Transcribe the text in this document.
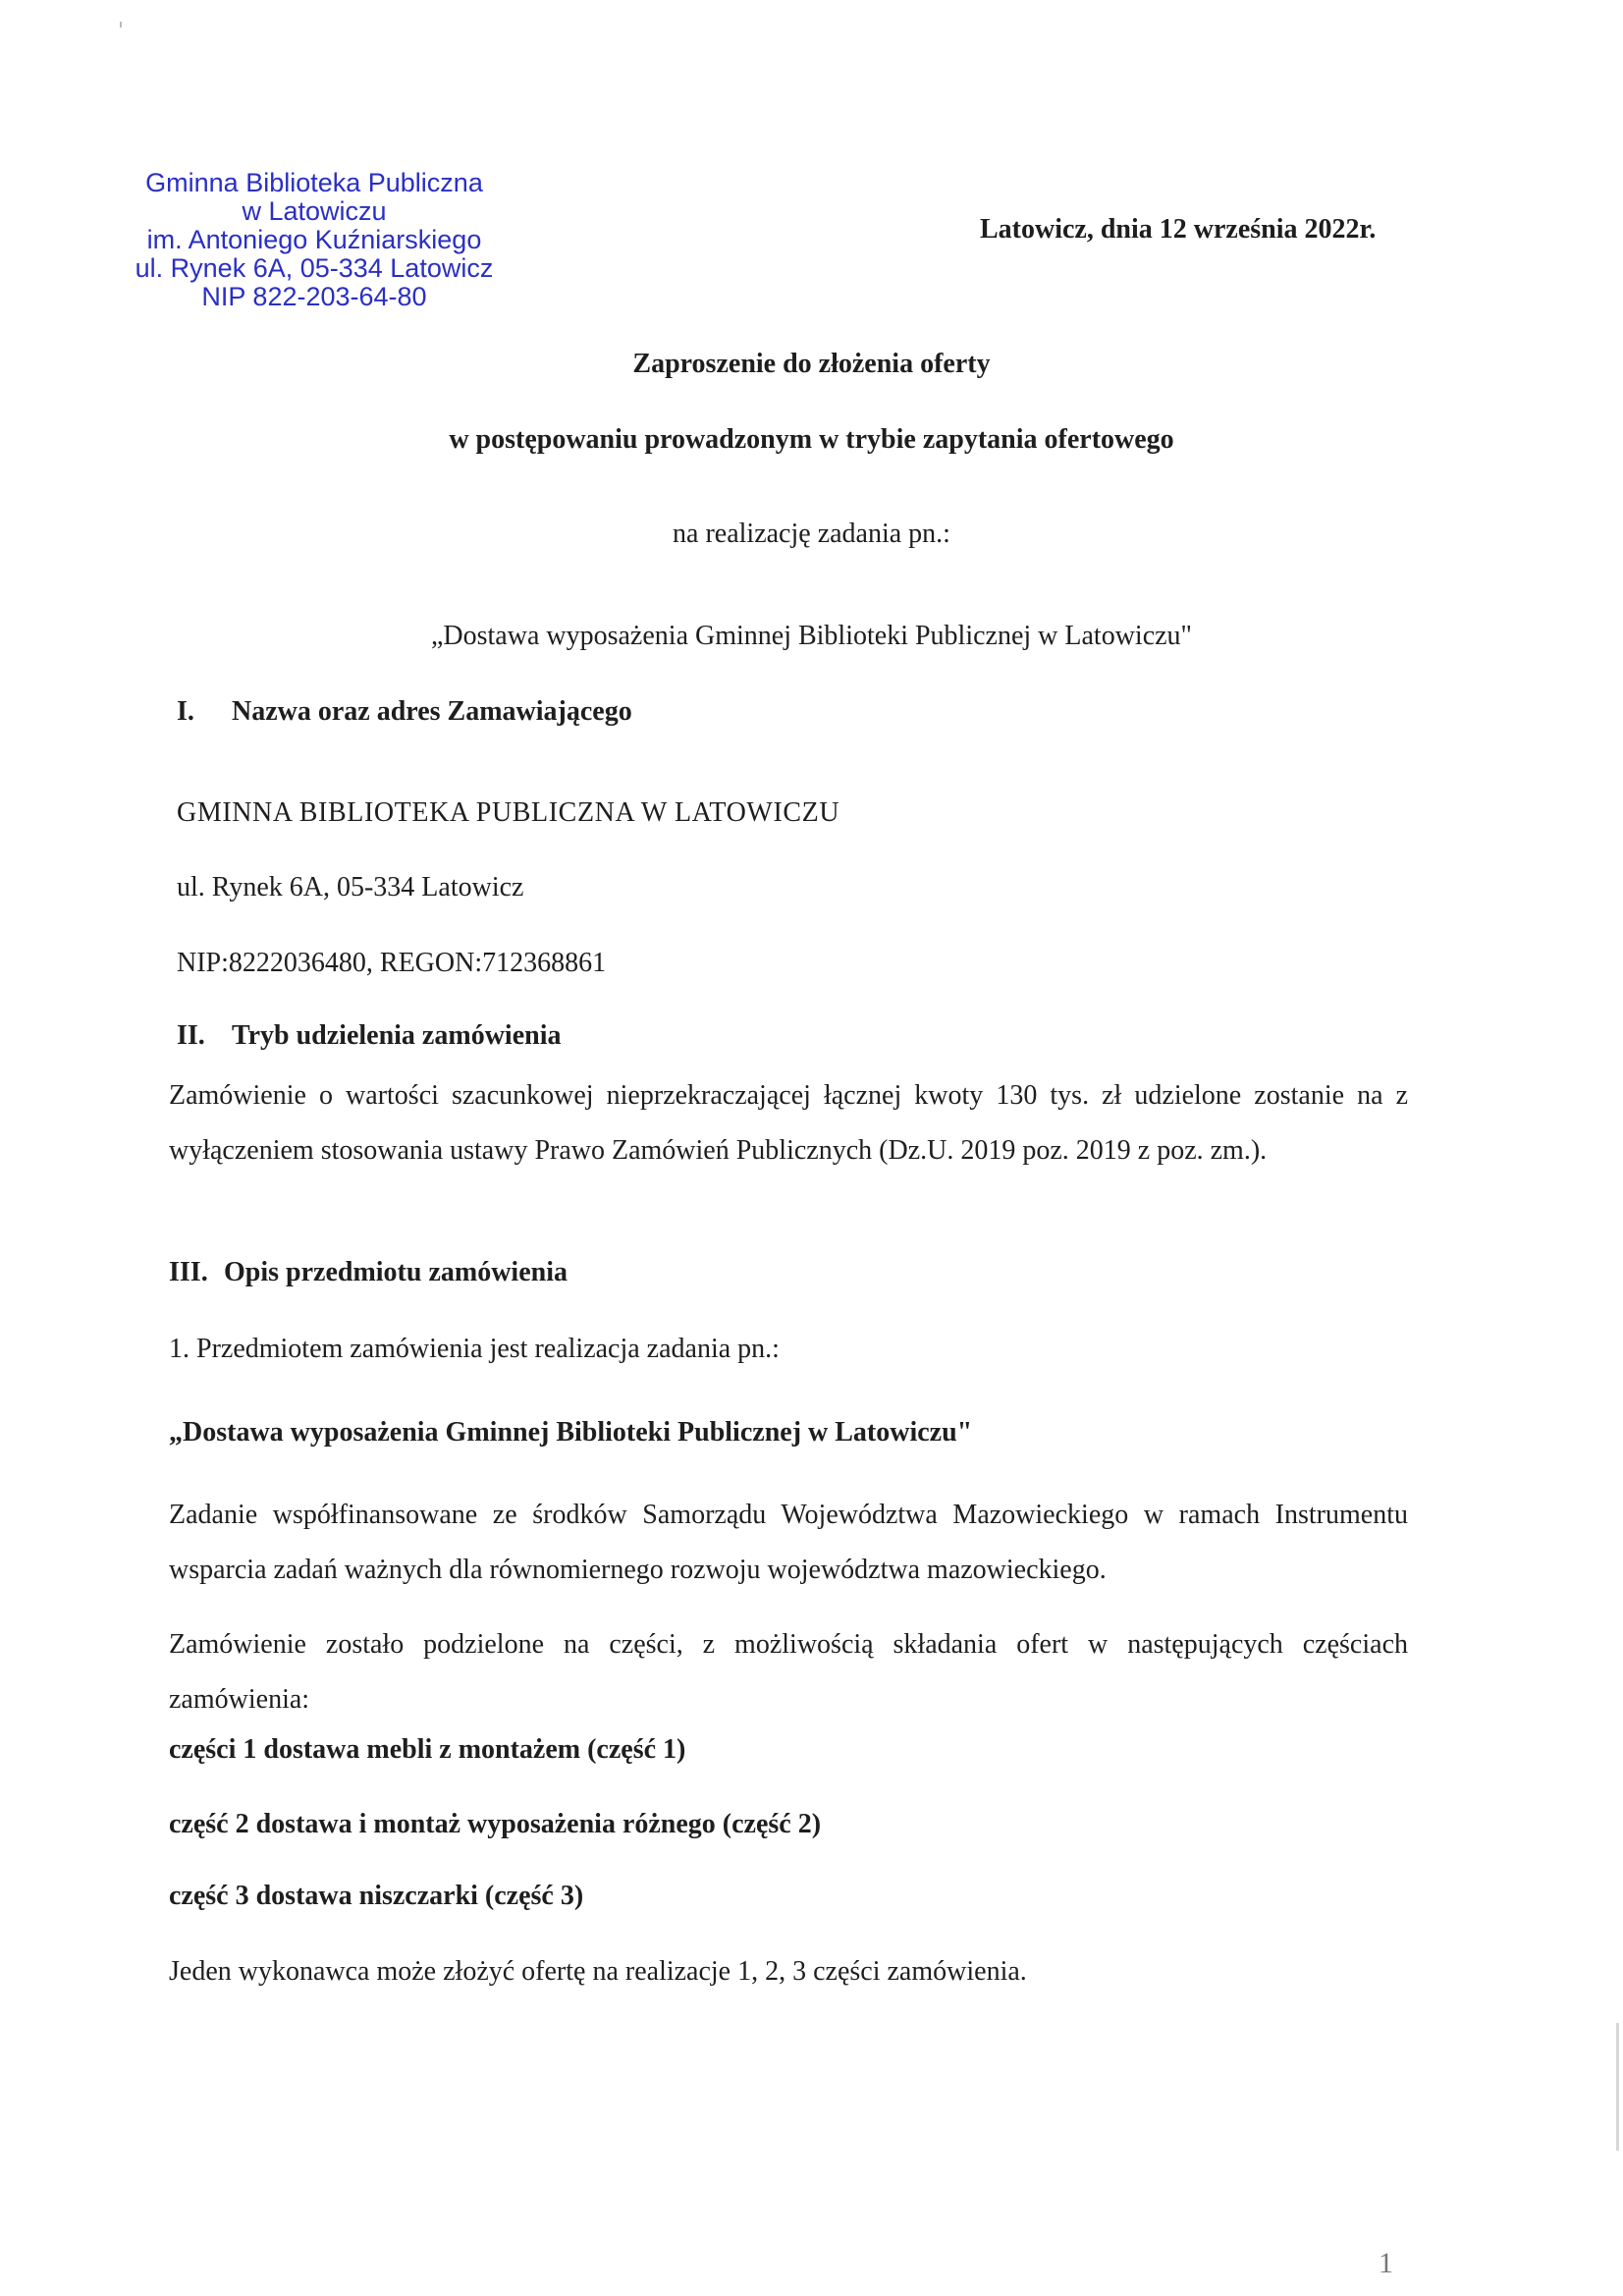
Gminna Biblioteka Publiczna
w Latowiczu
im. Antoniego Kuźniarskiego
ul. Rynek 6A, 05-334 Latowicz
NIP 822-203-64-80
Latowicz, dnia 12 września 2022r.
Zaproszenie do złożenia oferty
w postępowaniu prowadzonym w trybie zapytania ofertowego
na realizację zadania pn.:
„Dostawa wyposażenia Gminnej Biblioteki Publicznej w Latowiczu"
I. Nazwa oraz adres Zamawiającego
GMINNA BIBLIOTEKA PUBLICZNA W LATOWICZU
ul. Rynek 6A, 05-334 Latowicz
NIP:8222036480, REGON:712368861
II. Tryb udzielenia zamówienia
Zamówienie o wartości szacunkowej nieprzekraczającej łącznej kwoty 130 tys. zł udzielone zostanie na z wyłączeniem stosowania ustawy Prawo Zamówień Publicznych (Dz.U. 2019 poz. 2019 z poz. zm.).
III. Opis przedmiotu zamówienia
1. Przedmiotem zamówienia jest realizacja zadania pn.:
„Dostawa wyposażenia Gminnej Biblioteki Publicznej w Latowiczu"
Zadanie współfinansowane ze środków Samorządu Województwa Mazowieckiego w ramach Instrumentu wsparcia zadań ważnych dla równomiernego rozwoju województwa mazowieckiego.
Zamówienie zostało podzielone na części, z możliwością składania ofert w następujących częściach zamówienia:
części 1 dostawa mebli z montażem (część 1)
część 2 dostawa i montaż wyposażenia różnego (część 2)
część 3 dostawa niszczarki (część 3)
Jeden wykonawca może złożyć ofertę na realizacje 1, 2, 3 części zamówienia.
1
